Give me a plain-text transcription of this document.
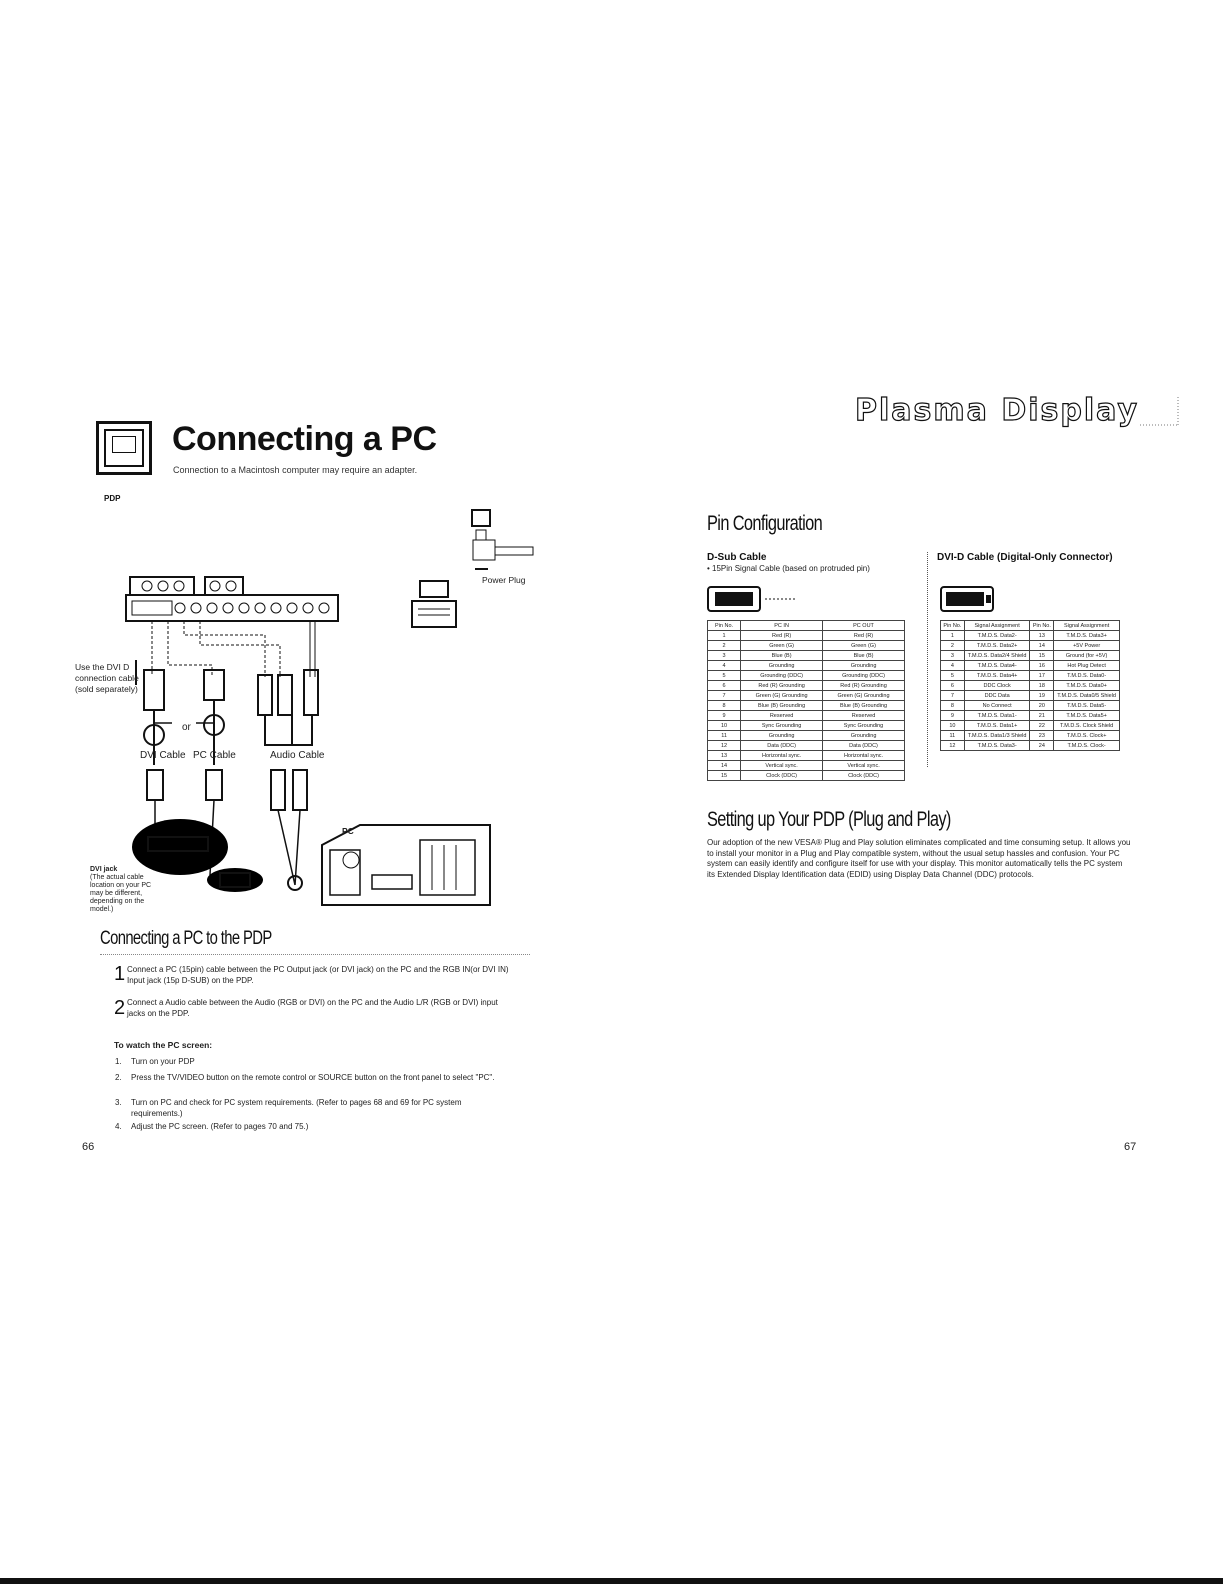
Plasma Display
Connecting a PC
Connection to a Macintosh computer may require an adapter.
PDP
Power Plug
Use the DVI D
connection cable
(sold separately)
or
DVI Cable PC Cable	Audio Cable
PC
DVI jack
(The actual cable
location on your PC
may be different,
depending on the
model.)
Connecting a PC to the PDP
1 Connect a PC (15pin) cable between the PC Output jack (or DVI jack) on the PC and the RGB IN(or DVI IN) Input jack (15p D-SUB) on the PDP.
2 Connect a Audio cable between the Audio (RGB or DVI) on the PC and the Audio L/R (RGB or DVI) input jacks on the PDP.
To watch the PC screen:
1. Turn on your PDP
2. Press the TV/VIDEO button on the remote control or SOURCE button on the front panel to select "PC".
3. Turn on PC and check for PC system requirements. (Refer to pages 68 and 69 for PC system requirements.)
4. Adjust the PC screen. (Refer to pages 70 and 75.)
66
Pin Configuration
D-Sub Cable
• 15Pin Signal Cable (based on protruded pin)
Pin No.	PC IN	PC OUT
1	Red (R)	Red (R)
2	Green (G)	Green (G)
3	Blue (B)	Blue (B)
4	Grounding	Grounding
5	Grounding (DDC)	Grounding (DDC)
6	Red (R) Grounding	Red (R) Grounding
7	Green (G) Grounding	Green (G) Grounding
8	Blue (B) Grounding	Blue (B) Grounding
9	Reserved	Reserved
10	Sync Grounding	Sync Grounding
11	Grounding	Grounding
12	Data (DDC)	Data (DDC)
13	Horizontal sync.	Horizontal sync.
14	Vertical sync.	Vertical sync.
15	Clock (DDC)	Clock (DDC)
DVI-D Cable (Digital-Only Connector)
Pin No.	Signal Assignment	Pin No.	Signal Assignment
1	T.M.D.S. Data2-	13	T.M.D.S. Data3+
2	T.M.D.S. Data2+	14	+5V Power
3	T.M.D.S. Data2/4 Shield	15	Ground (for +5V)
4	T.M.D.S. Data4-	16	Hot Plug Detect
5	T.M.D.S. Data4+	17	T.M.D.S. Data0-
6	DDC Clock	18	T.M.D.S. Data0+
7	DDC Data	19	T.M.D.S. Data0/5 Shield
8	No Connect	20	T.M.D.S. Data5-
9	T.M.D.S. Data1-	21	T.M.D.S. Data5+
10	T.M.D.S. Data1+	22	T.M.D.S. Clock Shield
11	T.M.D.S. Data1/3 Shield	23	T.M.D.S. Clock+
12	T.M.D.S. Data3-	24	T.M.D.S. Clock-
Setting up Your PDP (Plug and Play)
Our adoption of the new VESA® Plug and Play solution eliminates complicated and time consuming setup. It allows you to install your monitor in a Plug and Play compatible system, without the usual setup hassles and confusion. Your PC system can easily identify and configure itself for use with your display. This monitor automatically tells the PC system its Extended Display Identification data (EDID) using Display Data Channel (DDC) protocols.
67
